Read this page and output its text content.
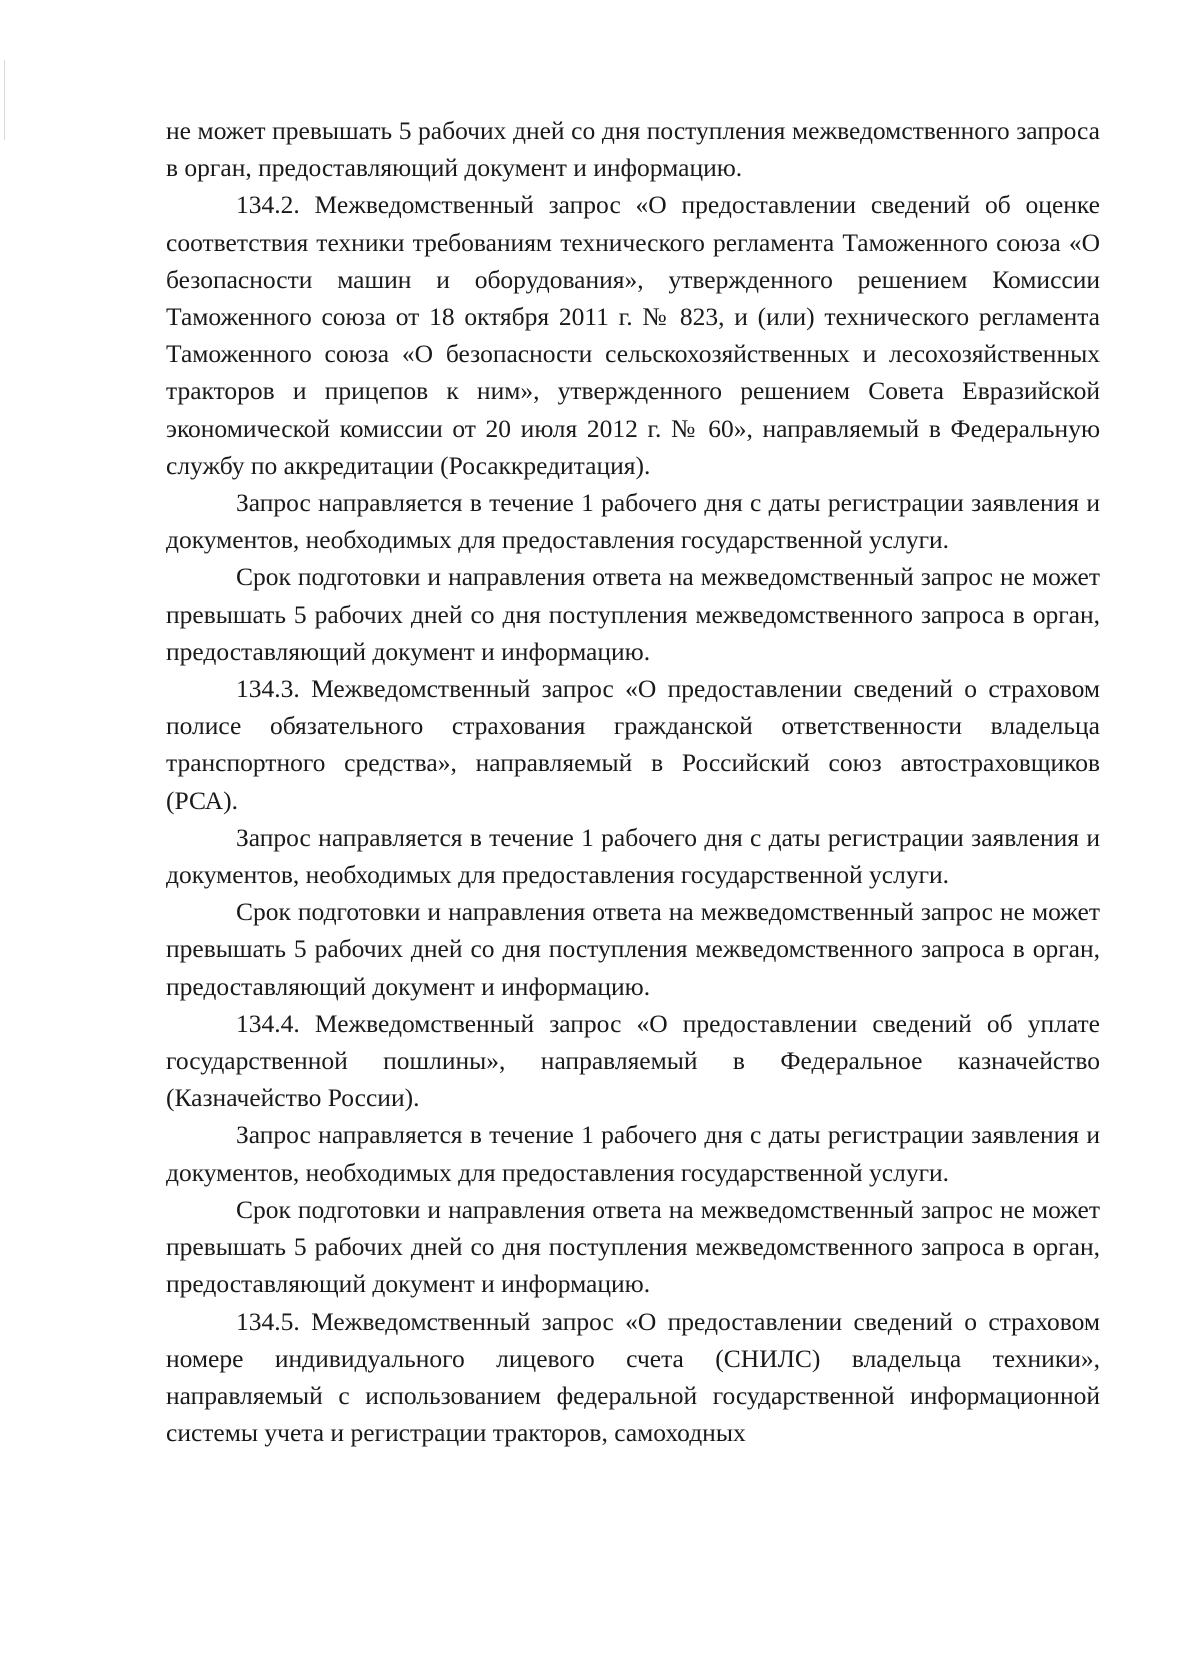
не может превышать 5 рабочих дней со дня поступления межведомственного запроса в орган, предоставляющий документ и информацию.

134.2. Межведомственный запрос «О предоставлении сведений об оценке соответствия техники требованиям технического регламента Таможенного союза «О безопасности машин и оборудования», утвержденного решением Комиссии Таможенного союза от 18 октября 2011 г. № 823, и (или) технического регламента Таможенного союза «О безопасности сельскохозяйственных и лесохозяйственных тракторов и прицепов к ним», утвержденного решением Совета Евразийской экономической комиссии от 20 июля 2012 г. № 60», направляемый в Федеральную службу по аккредитации (Росаккредитация).

Запрос направляется в течение 1 рабочего дня с даты регистрации заявления и документов, необходимых для предоставления государственной услуги.

Срок подготовки и направления ответа на межведомственный запрос не может превышать 5 рабочих дней со дня поступления межведомственного запроса в орган, предоставляющий документ и информацию.

134.3. Межведомственный запрос «О предоставлении сведений о страховом полисе обязательного страхования гражданской ответственности владельца транспортного средства», направляемый в Российский союз автостраховщиков (РСА).

Запрос направляется в течение 1 рабочего дня с даты регистрации заявления и документов, необходимых для предоставления государственной услуги.

Срок подготовки и направления ответа на межведомственный запрос не может превышать 5 рабочих дней со дня поступления межведомственного запроса в орган, предоставляющий документ и информацию.

134.4. Межведомственный запрос «О предоставлении сведений об уплате государственной пошлины», направляемый в Федеральное казначейство (Казначейство России).

Запрос направляется в течение 1 рабочего дня с даты регистрации заявления и документов, необходимых для предоставления государственной услуги.

Срок подготовки и направления ответа на межведомственный запрос не может превышать 5 рабочих дней со дня поступления межведомственного запроса в орган, предоставляющий документ и информацию.

134.5. Межведомственный запрос «О предоставлении сведений о страховом номере индивидуального лицевого счета (СНИЛС) владельца техники», направляемый с использованием федеральной государственной информационной системы учета и регистрации тракторов, самоходных
